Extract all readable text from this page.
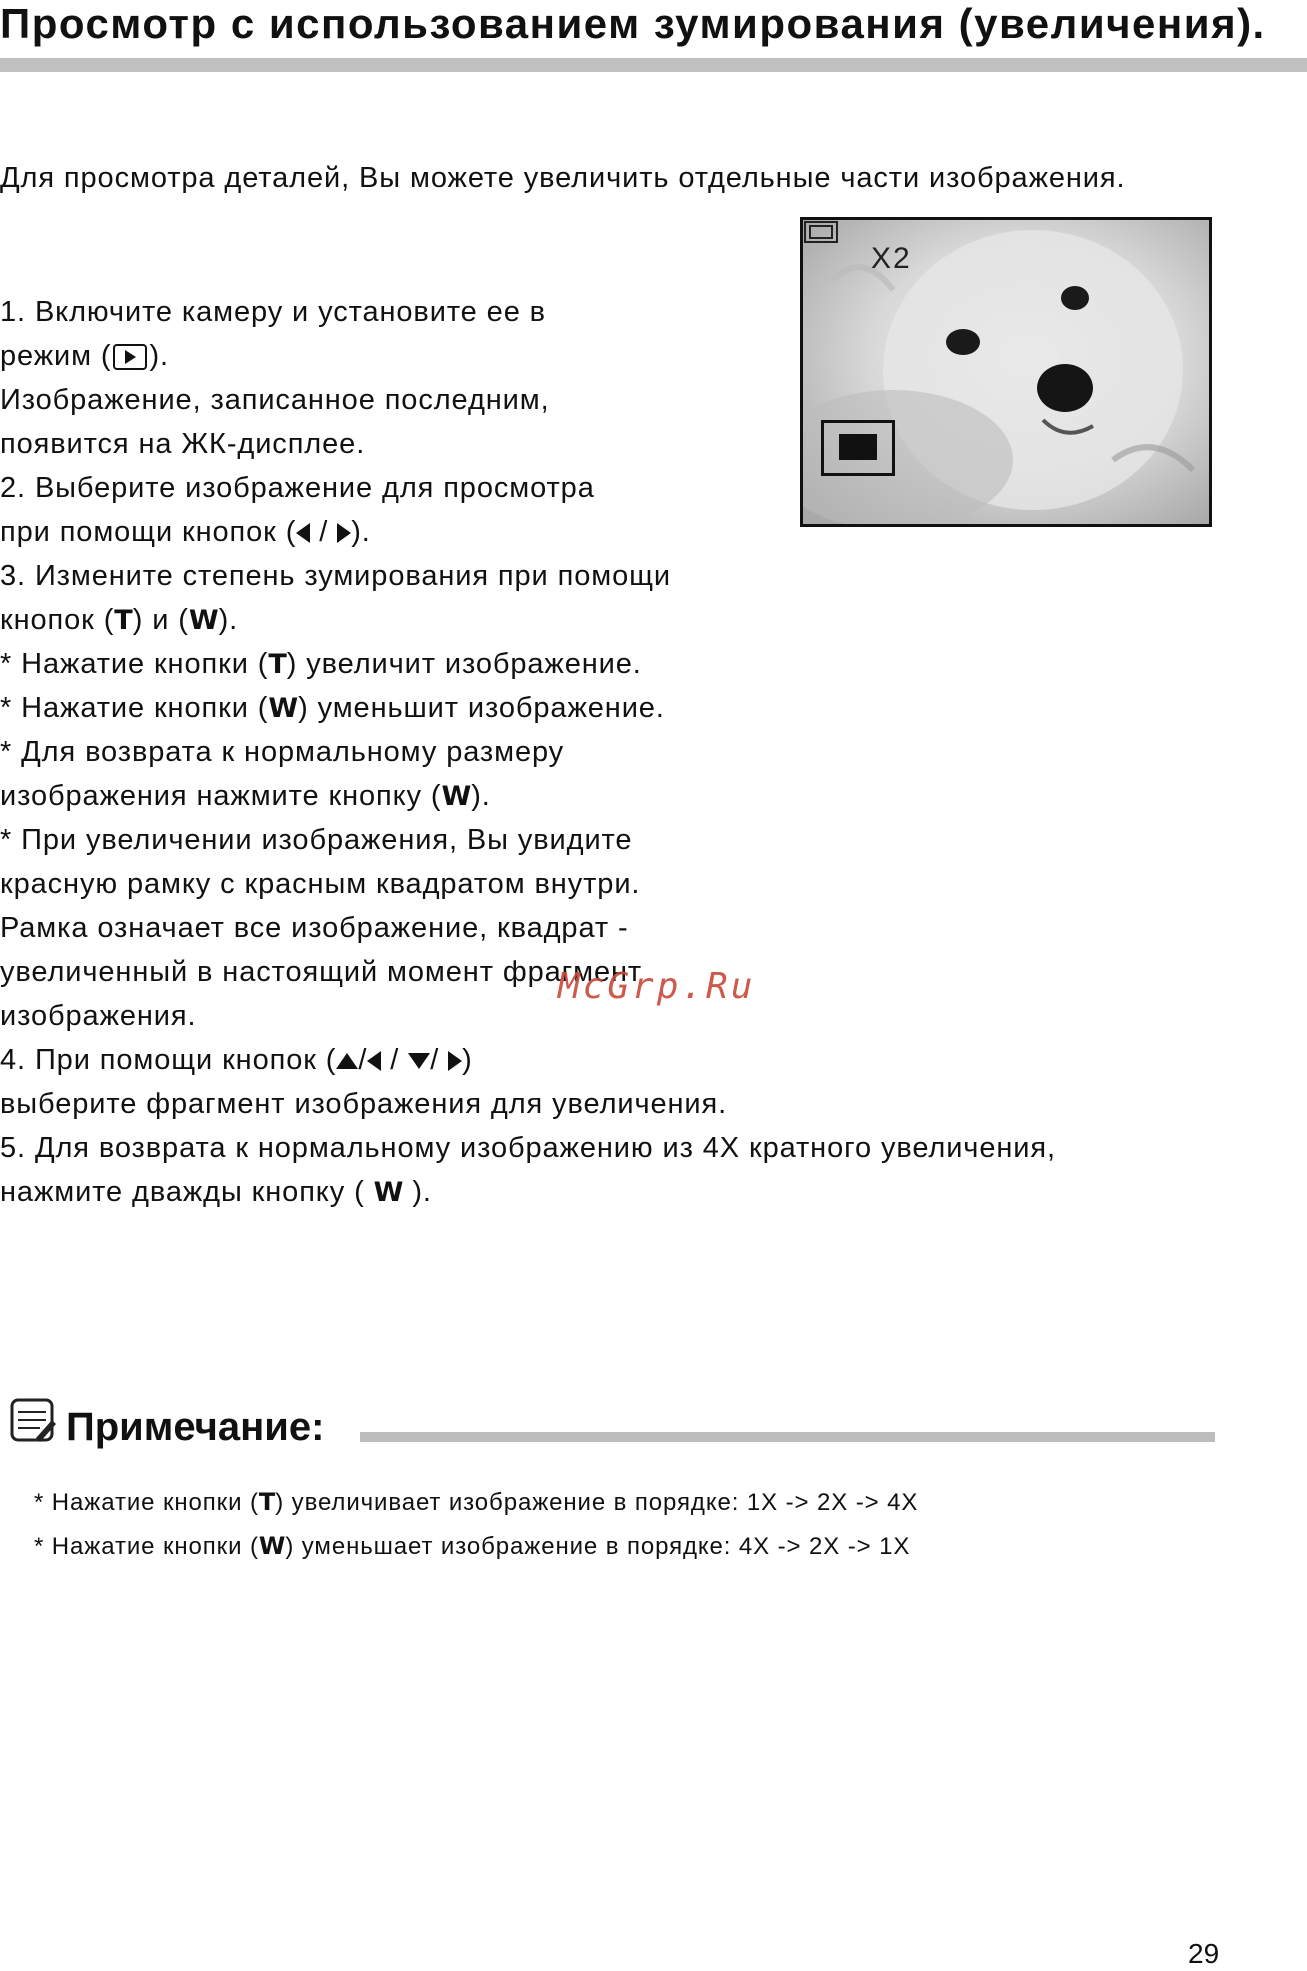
Просмотр с использованием зумирования (увеличения).
Для просмотра деталей, Вы можете увеличить отдельные части изображения.
1. Включите камеру и установите ее в
режим ( ).
Изображение, записанное последним,
появится на ЖК-дисплее.
2. Выберите изображение для просмотра
при помощи кнопок ( / ).
3. Измените степень зумирования при помощи
кнопок (T) и (W).
* Нажатие кнопки (T) увеличит изображение.
* Нажатие кнопки (W) уменьшит изображение.
* Для возврата к нормальному размеру
изображения нажмите кнопку (W).
* При увеличении изображения, Вы увидите
красную рамку с красным квадратом внутри.
Рамка означает все изображение, квадрат -
увеличенный в настоящий момент фрагмент
изображения.
4. При помощи кнопок ( / / / )
выберите фрагмент изображения для увеличения.
5. Для возврата к нормальному изображению из 4X кратного увеличения,
нажмите дважды кнопку ( W ).
X2
McGrp.Ru
Примечание:
* Нажатие кнопки (T) увеличивает изображение в порядке: 1X -> 2X -> 4X
* Нажатие кнопки (W) уменьшает изображение в порядке: 4X -> 2X -> 1X
29
